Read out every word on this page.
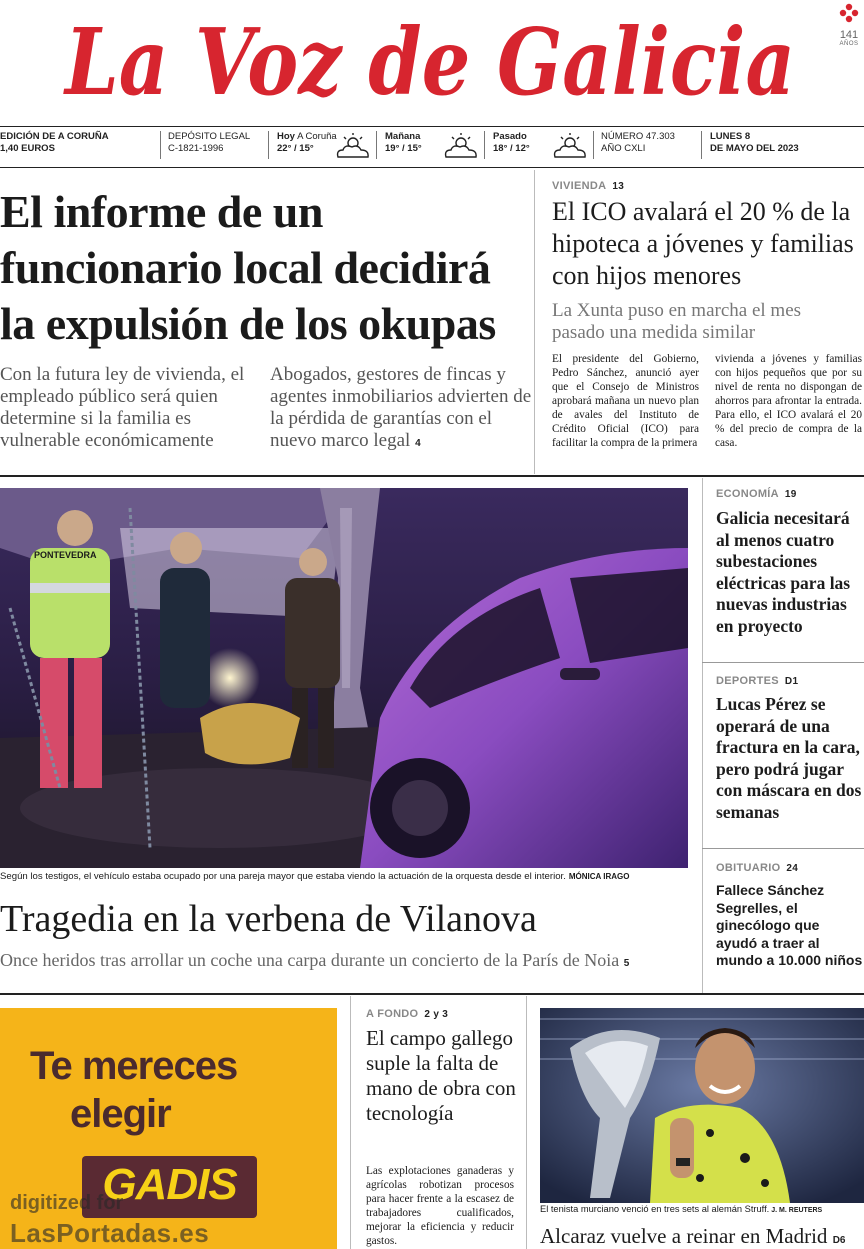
La Voz de Galicia	141
AÑOS
EDICIÓN DE A CORUÑA
1,40 EUROS
DEPÓSITO LEGAL
C-1821-1996
Hoy A Coruña
22° / 15°
Mañana
19° / 15°
Pasado
18° / 12°
NÚMERO 47.303
AÑO CXLI
LUNES 8
DE MAYO DEL 2023
El informe de un funcionario local decidirá la expulsión de los okupas
Con la futura ley de vivienda, el empleado público será quien determine si la familia es vulnerable económicamente
Abogados, gestores de fincas y agentes inmobiliarios advierten de la pérdida de garantías con el nuevo marco legal 4
VIVIENDA 13
El ICO avalará el 20 % de la hipoteca a jóvenes y familias con hijos menores
La Xunta puso en marcha el mes pasado una medida similar
El presidente del Gobierno, Pedro Sánchez, anunció ayer que el Consejo de Ministros aprobará mañana un nuevo plan de avales del Instituto de Crédito Oficial (ICO) para facilitar la compra de la primera
vivienda a jóvenes y familias con hijos pequeños que por su nivel de renta no dispongan de ahorros para afrontar la entrada. Para ello, el ICO avalará el 20 % del precio de compra de la casa.
PONTEVEDRA
Según los testigos, el vehículo estaba ocupado por una pareja mayor que estaba viendo la actuación de la orquesta desde el interior. MÓNICA IRAGO
Tragedia en la verbena de Vilanova
Once heridos tras arrollar un coche una carpa durante un concierto de la París de Noia 5
ECONOMÍA 19
Galicia necesitará al menos cuatro subestaciones eléctricas para las nuevas industrias en proyecto
DEPORTES D1
Lucas Pérez se operará de una fractura en la cara, pero podrá jugar con máscara en dos semanas
OBITUARIO 24
Fallece Sánchez Segrelles, el ginecólogo que ayudó a traer al mundo a 10.000 niños
Te mereces
elegir
GADIS
digitized for
LasPortadas.es
A FONDO 2 y 3
El campo gallego suple la falta de mano de obra con tecnología
Las explotaciones ganaderas y agrícolas robotizan procesos para hacer frente a la escasez de trabajadores cualificados, mejorar la eficiencia y reducir gastos.
El tenista murciano venció en tres sets al alemán Struff. J. M. REUTERS
Alcaraz vuelve a reinar en Madrid D6
